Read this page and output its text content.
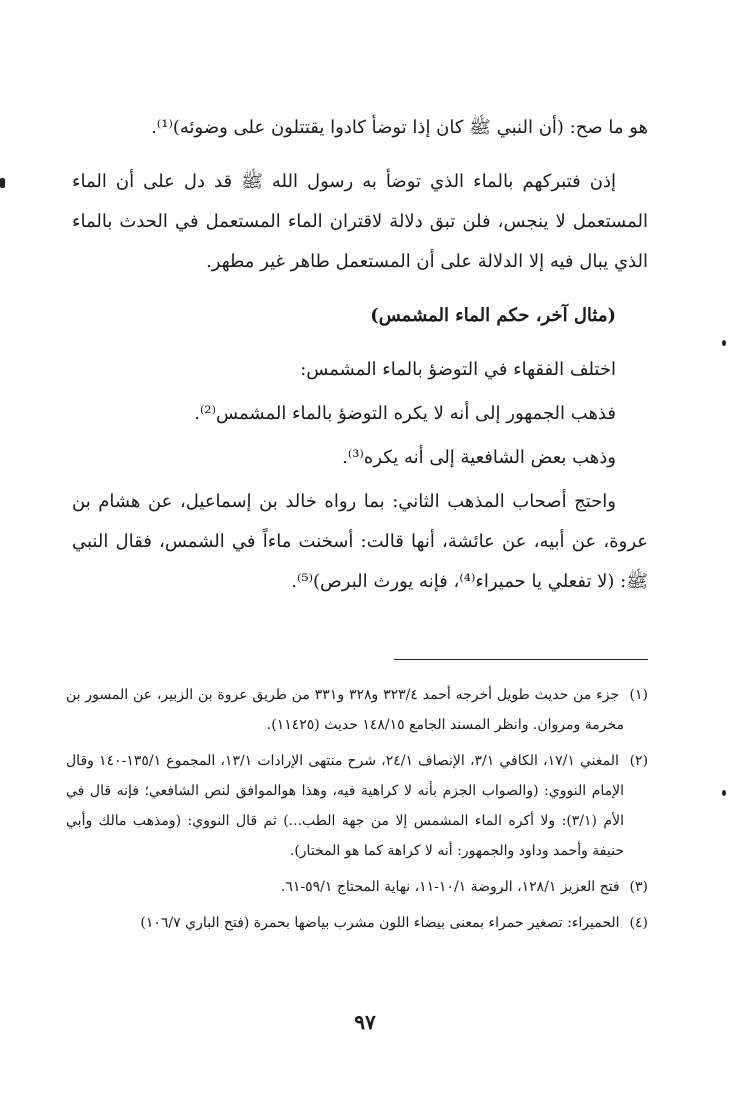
هو ما صح: (أن النبي ﷺ كان إذا توضأ كادوا يقتتلون على وضوئه)⁽¹⁾.

إذن فتبركهم بالماء الذي توضأ به رسول الله ﷺ قد دل على أن الماء المستعمل لا ينجس، فلن تبق دلالة لاقتران الماء المستعمل في الحدث بالماء الذي يبال فيه إلا الدلالة على أن المستعمل طاهر غير مطهر.

(مثال آخر، حكم الماء المشمس)

اختلف الفقهاء في التوضؤ بالماء المشمس:

فذهب الجمهور إلى أنه لا يكره التوضؤ بالماء المشمس⁽²⁾.

وذهب بعض الشافعية إلى أنه يكره⁽³⁾.

واحتج أصحاب المذهب الثاني: بما رواه خالد بن إسماعيل، عن هشام بن عروة، عن أبيه، عن عائشة، أنها قالت: أسخنت ماءاً في الشمس، فقال النبي ﷺ: (لا تفعلي يا حميراء⁽⁴⁾، فإنه يورث البرص)⁽⁵⁾.

(١) جزء من حديث طويل أخرجه أحمد ٣٢٣/٤ و٣٢٨ و٣٣١ من طريق عروة بن الزبير، عن المسور بن مخرمة ومروان. وانظر المسند الجامع ١٤٨/١٥ حديث (١١٤٢٥).

(٢) المغني ١٧/١، الكافي ٣/١، الإنصاف ٢٤/١، شرح منتهى الإرادات ١٣/١، المجموع ١٣٥/١-١٤٠ وقال الإمام النووي: (والصواب الجزم بأنه لا كراهية فيه، وهذا هوالموافق لنص الشافعي؛ فإنه قال في الأم (٣/١): ولا أكره الماء المشمس إلا من جهة الطب...) ثم قال النووي: (ومذهب مالك وأبي حنيفة وأحمد وداود والجمهور: أنه لا كراهة كما هو المختار).

(٣) فتح العزيز ١٢٨/١، الروضة ١٠/١-١١، نهاية المحتاج ٥٩/١-٦١.

(٤) الحميراء: تصغير حمراء بمعنى بيضاء اللون مشرب بياضها بحمرة (فتح الباري ١٠٦/٧)

٩٧
